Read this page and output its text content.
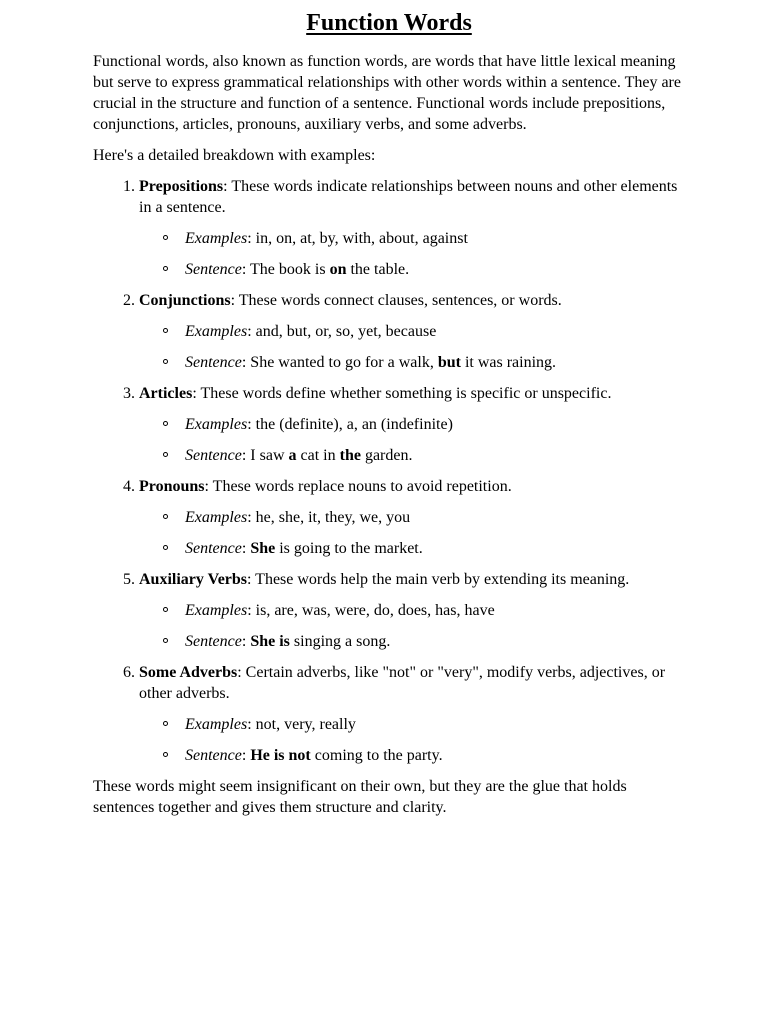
Function Words

Functional words, also known as function words, are words that have little lexical meaning but serve to express grammatical relationships with other words within a sentence. They are crucial in the structure and function of a sentence. Functional words include prepositions, conjunctions, articles, pronouns, auxiliary verbs, and some adverbs.

Here's a detailed breakdown with examples:

1. Prepositions: These words indicate relationships between nouns and other elements in a sentence.
Examples: in, on, at, by, with, about, against
Sentence: The book is on the table.
2. Conjunctions: These words connect clauses, sentences, or words.
Examples: and, but, or, so, yet, because
Sentence: She wanted to go for a walk, but it was raining.
3. Articles: These words define whether something is specific or unspecific.
Examples: the (definite), a, an (indefinite)
Sentence: I saw a cat in the garden.
4. Pronouns: These words replace nouns to avoid repetition.
Examples: he, she, it, they, we, you
Sentence: She is going to the market.
5. Auxiliary Verbs: These words help the main verb by extending its meaning.
Examples: is, are, was, were, do, does, has, have
Sentence: She is singing a song.
6. Some Adverbs: Certain adverbs, like "not" or "very", modify verbs, adjectives, or other adverbs.
Examples: not, very, really
Sentence: He is not coming to the party.

These words might seem insignificant on their own, but they are the glue that holds sentences together and gives them structure and clarity.
